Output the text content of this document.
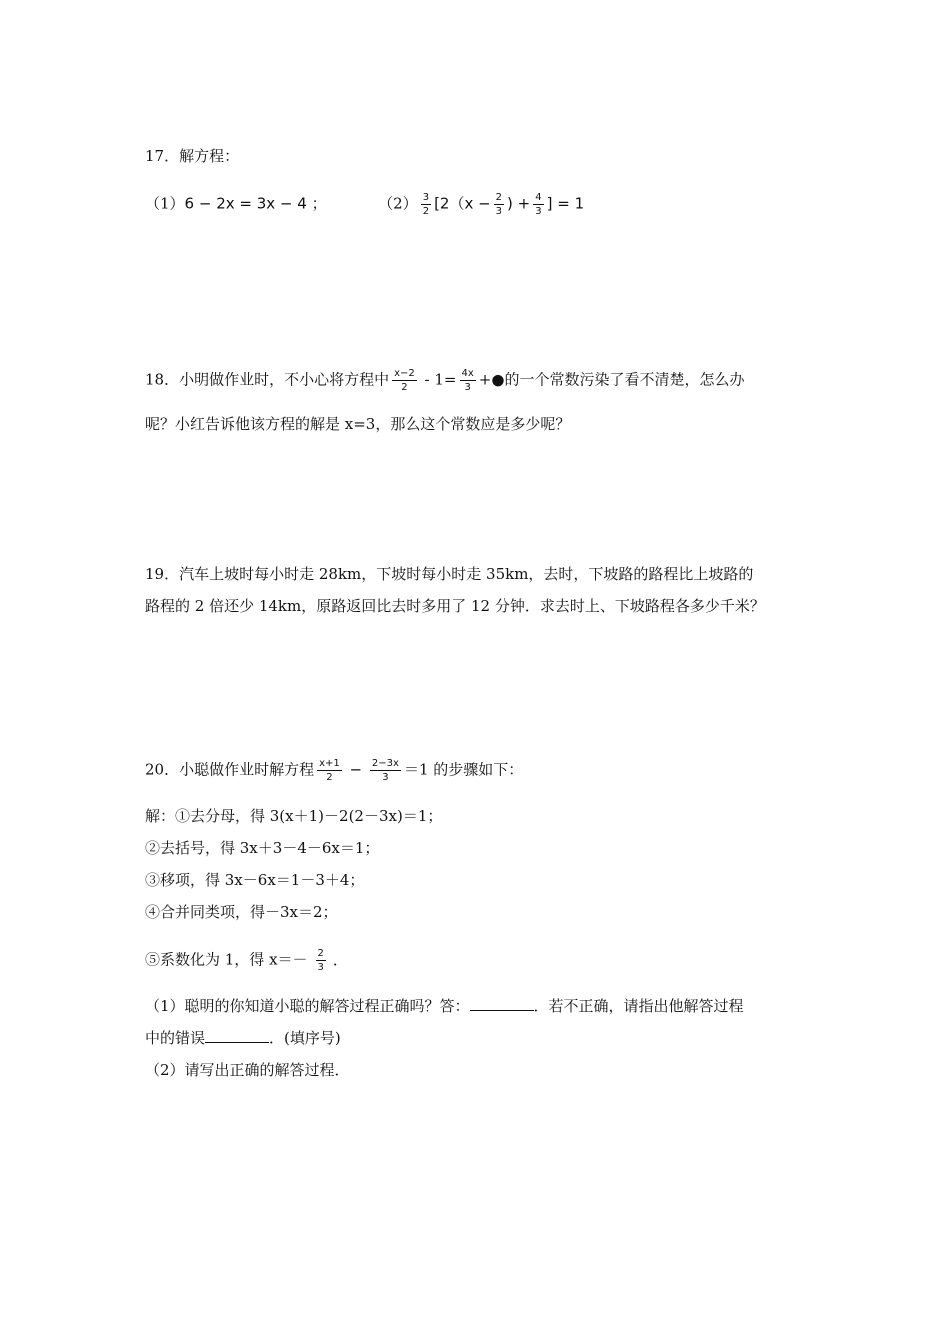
17．解方程：
（1）6 − 2x = 3x − 4 ；	$(2) \frac{3}{2} [2(x - \frac{2}{3}$ ) + $\frac{4}{3}$ ] = 1
18．小明做作业时，不小心将方程中 $\frac{x-2}{2} - 1= \frac{4x}{3}$ +●的一个常数污染了看不清楚，怎么办
呢？小红告诉他该方程的解是 x=3，那么这个常数应是多少呢？
19．汽车上坡时每小时走 28km，下坡时每小时走 35km，去时，下坡路的路程比上坡路的
路程的 2 倍还少 14km，原路返回比去时多用了 12 分钟．求去时上、下坡路程各多少千米？
20．小聪做作业时解方程 $\frac{x+1}{2} - \frac{2-3x}{3} =1$ 的步骤如下：
解：①去分母，得 3(x＋1)－2(2－3x)＝1；
②去括号，得 3x＋3－4－6x＝1；
③移项，得 3x－6x＝1－3＋4；
④合并同类项，得－3x＝2；
⑤系数化为 1，得 $x=- \frac{2}{3}$ ．
（1）聪明的你知道小聪的解答过程正确吗？答：	．若不正确，请指出他解答过程
中的错误	．(填序号)
（2）请写出正确的解答过程．
